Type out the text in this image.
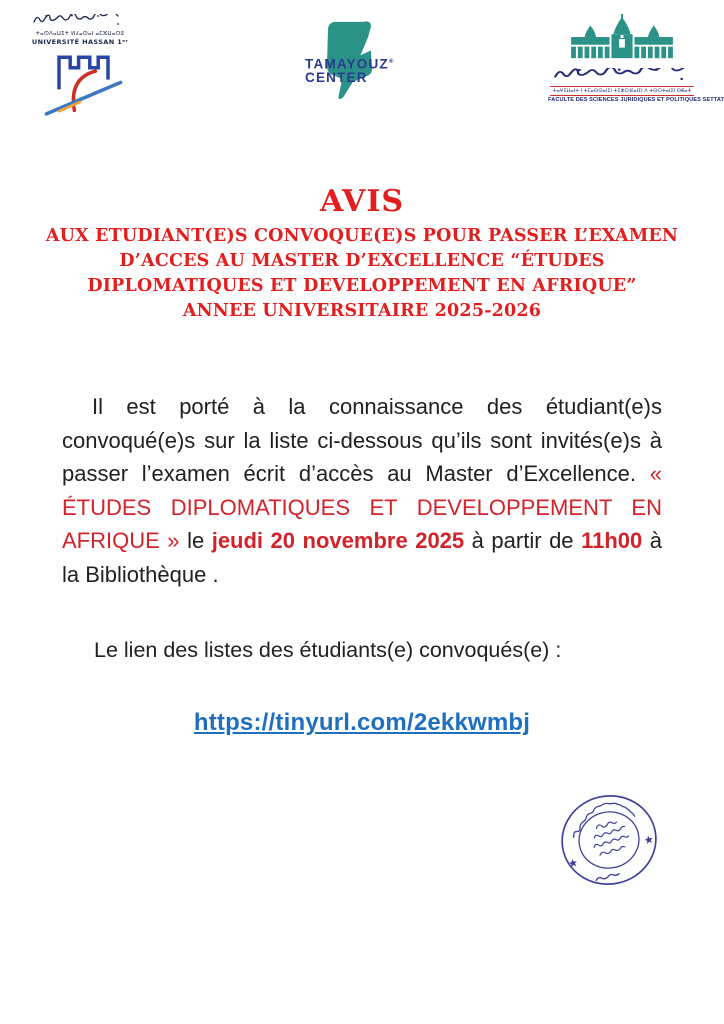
ⵜⴰⵙⴷⴰⵡⵉⵜ ⵍⵃⴰⵙⴰⵏ ⴰⵎⵣⵡⴰⵔⵓ
UNIVERSITÉ HASSAN 1ᵉʳ
TAMAYOUZ®
CENTER

ⵜⴰⵖⵉⵡⴰⵏⵜ ⵏ ⵜⵎⴰⵙⵙⴰⵏⵉⵏ ⵜⵉⵣⵔⴼⴰⵏⵉⵏ ⴷ ⵜⵙⵔⵜⴰⵏⵉⵏ ⵙⵟⴰⵜ
FACULTE DES SCIENCES JURIDIQUES ET POLITIQUES SETTAT
AVIS
AUX ETUDIANT(E)S CONVOQUE(E)S POUR PASSER L’EXAMEN
D’ACCES AU MASTER D’EXCELLENCE “ÉTUDES
DIPLOMATIQUES ET DEVELOPPEMENT EN AFRIQUE”
ANNEE UNIVERSITAIRE 2025-2026

Il est porté à la connaissance des étudiant(e)s convoqué(e)s sur la liste ci-dessous qu’ils sont invités(e)s à passer l’examen écrit d’accès au Master d’Excellence. « ÉTUDES DIPLOMATIQUES ET DEVELOPPEMENT EN AFRIQUE » le jeudi 20 novembre 2025 à partir de 11h00 à la Bibliothèque .

Le lien des listes des étudiants(e) convoqués(e) :

https://tinyurl.com/2ekkwmbj
